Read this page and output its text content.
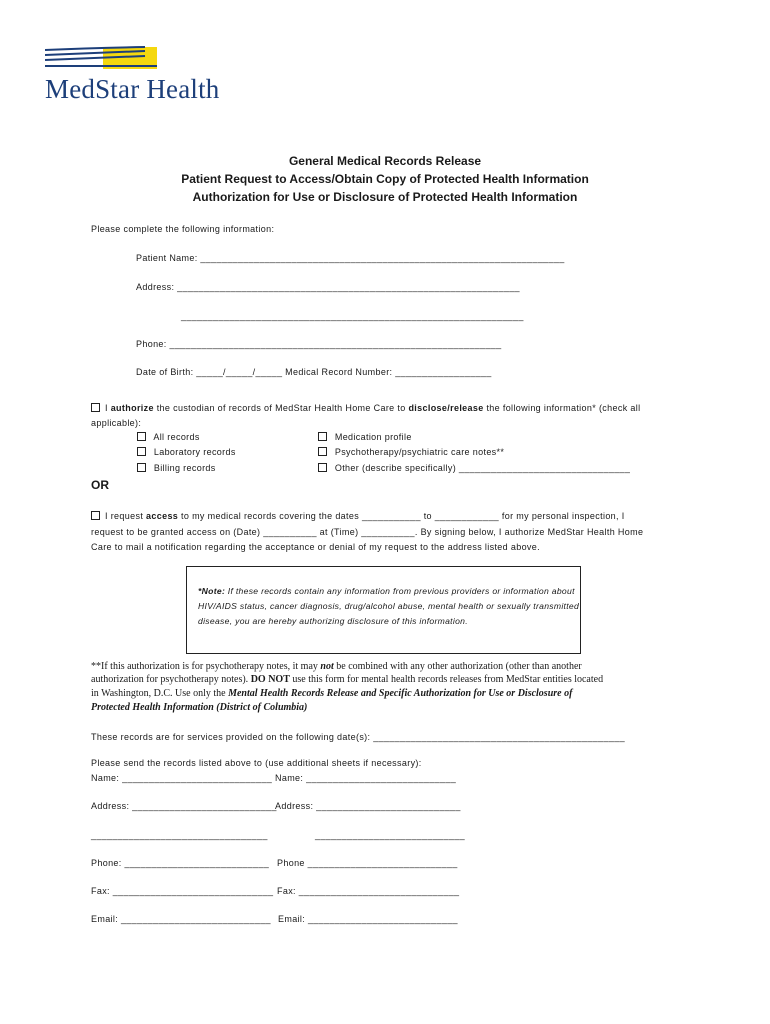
MedStar Health
General Medical Records Release
Patient Request to Access/Obtain Copy of Protected Health Information
Authorization for Use or Disclosure of Protected Health Information
Please complete the following information:
Patient Name: ____________________________________________________________________
Address: ________________________________________________________________
________________________________________________________________
Phone: ______________________________________________________________
Date of Birth: _____/_____/_____ Medical Record Number: __________________
I authorize the custodian of records of MedStar Health Home Care to disclose/release the following information* (check all
applicable):
All records
Laboratory records
Billing records
Medication profile
Psychotherapy/psychiatric care notes**
Other (describe specifically) ________________________________
OR
I request access to my medical records covering the dates ___________ to ____________ for my personal inspection, I
request to be granted access on (Date) __________ at (Time) __________. By signing below, I authorize MedStar Health Home
Care to mail a notification regarding the acceptance or denial of my request to the address listed above.
*Note: If these records contain any information from previous providers or information about HIV/AIDS status, cancer diagnosis, drug/alcohol abuse, mental health or sexually transmitted disease, you are hereby authorizing disclosure of this information.
**If this authorization is for psychotherapy notes, it may not be combined with any other authorization (other than another
authorization for psychotherapy notes). DO NOT use this form for mental health records releases from MedStar entities located
in Washington, D.C. Use only the Mental Health Records Release and Specific Authorization for Use or Disclosure of
Protected Health Information (District of Columbia)
These records are for services provided on the following date(s): _______________________________________________
Please send the records listed above to (use additional sheets if necessary):
Name: ____________________________
Address: ___________________________
_________________________________
Phone: ___________________________
Fax: ______________________________
Email: ____________________________
Name: ____________________________
Address: ___________________________
____________________________
Phone ____________________________
Fax: ______________________________
Email: ____________________________
